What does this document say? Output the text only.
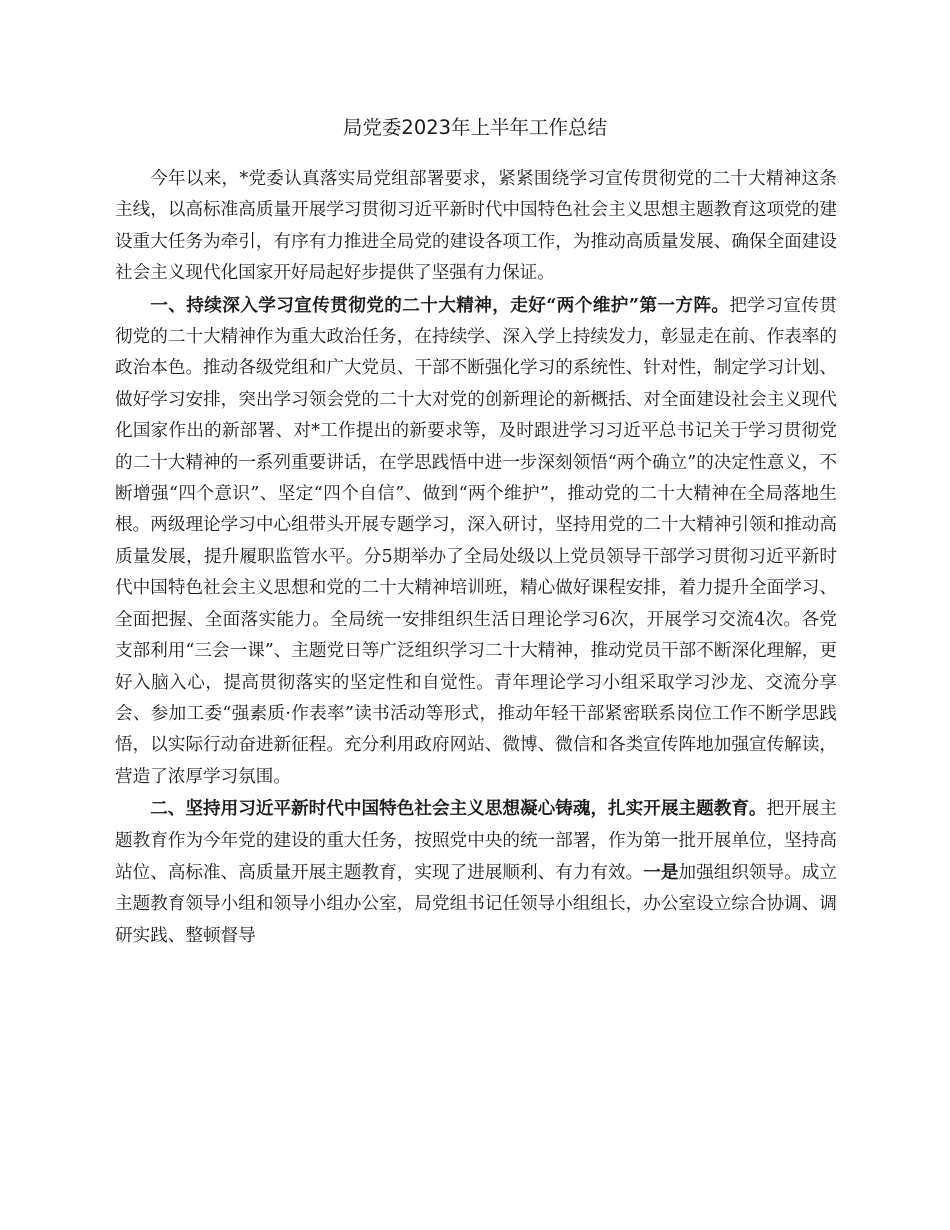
局党委2023年上半年工作总结

今年以来，*党委认真落实局党组部署要求，紧紧围绕学习宣传贯彻党的二十大精神这条主线，以高标准高质量开展学习贯彻习近平新时代中国特色社会主义思想主题教育这项党的建设重大任务为牵引，有序有力推进全局党的建设各项工作，为推动高质量发展、确保全面建设社会主义现代化国家开好局起好步提供了坚强有力保证。

一、持续深入学习宣传贯彻党的二十大精神，走好“两个维护”第一方阵。把学习宣传贯彻党的二十大精神作为重大政治任务，在持续学、深入学上持续发力，彰显走在前、作表率的政治本色。推动各级党组和广大党员、干部不断强化学习的系统性、针对性，制定学习计划、做好学习安排，突出学习领会党的二十大对党的创新理论的新概括、对全面建设社会主义现代化国家作出的新部署、对*工作提出的新要求等，及时跟进学习习近平总书记关于学习贯彻党的二十大精神的一系列重要讲话，在学思践悟中进一步深刻领悟“两个确立”的决定性意义，不断增强“四个意识”、坚定“四个自信”、做到“两个维护”，推动党的二十大精神在全局落地生根。两级理论学习中心组带头开展专题学习，深入研讨，坚持用党的二十大精神引领和推动高质量发展，提升履职监管水平。分5期举办了全局处级以上党员领导干部学习贯彻习近平新时代中国特色社会主义思想和党的二十大精神培训班，精心做好课程安排，着力提升全面学习、全面把握、全面落实能力。全局统一安排组织生活日理论学习6次，开展学习交流4次。各党支部利用“三会一课”、主题党日等广泛组织学习二十大精神，推动党员干部不断深化理解，更好入脑入心，提高贯彻落实的坚定性和自觉性。青年理论学习小组采取学习沙龙、交流分享会、参加工委“强素质·作表率”读书活动等形式，推动年轻干部紧密联系岗位工作不断学思践悟，以实际行动奋进新征程。充分利用政府网站、微博、微信和各类宣传阵地加强宣传解读，营造了浓厚学习氛围。

二、坚持用习近平新时代中国特色社会主义思想凝心铸魂，扎实开展主题教育。把开展主题教育作为今年党的建设的重大任务，按照党中央的统一部署，作为第一批开展单位，坚持高站位、高标准、高质量开展主题教育，实现了进展顺利、有力有效。一是加强组织领导。成立主题教育领导小组和领导小组办公室，局党组书记任领导小组组长，办公室设立综合协调、调研实践、整顿督导
